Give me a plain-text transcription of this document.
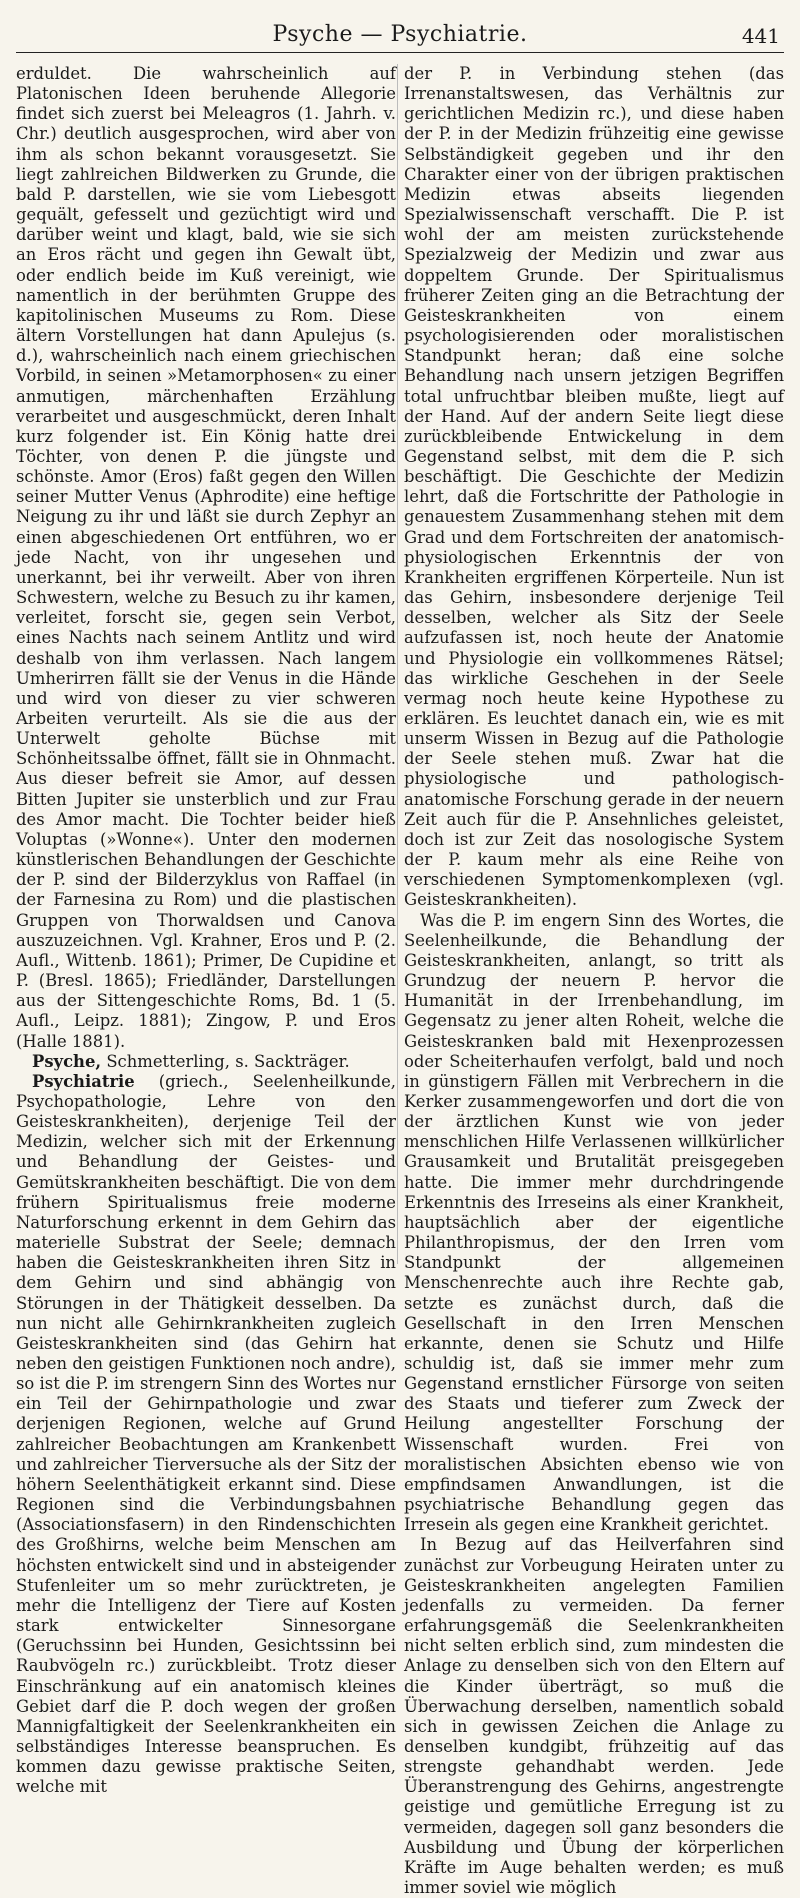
Psyche — Psychiatrie.	441

erduldet. Die wahrscheinlich auf Platonischen Ideen beruhende Allegorie findet sich zuerst bei Meleagros (1. Jahrh. v. Chr.) deutlich ausgesprochen, wird aber von ihm als schon bekannt vorausgesetzt. Sie liegt zahlreichen Bildwerken zu Grunde, die bald P. darstellen, wie sie vom Liebesgott gequält, gefesselt und gezüchtigt wird und darüber weint und klagt, bald, wie sie sich an Eros rächt und gegen ihn Gewalt übt, oder endlich beide im Kuß vereinigt, wie namentlich in der berühmten Gruppe des kapitolinischen Museums zu Rom. Diese ältern Vorstellungen hat dann Apulejus (s. d.), wahrscheinlich nach einem griechischen Vorbild, in seinen »Metamorphosen« zu einer anmutigen, märchenhaften Erzählung verarbeitet und ausgeschmückt, deren Inhalt kurz folgender ist. Ein König hatte drei Töchter, von denen P. die jüngste und schönste. Amor (Eros) faßt gegen den Willen seiner Mutter Venus (Aphrodite) eine heftige Neigung zu ihr und läßt sie durch Zephyr an einen abgeschiedenen Ort entführen, wo er jede Nacht, von ihr ungesehen und unerkannt, bei ihr verweilt. Aber von ihren Schwestern, welche zu Besuch zu ihr kamen, verleitet, forscht sie, gegen sein Verbot, eines Nachts nach seinem Antlitz und wird deshalb von ihm verlassen. Nach langem Umherirren fällt sie der Venus in die Hände und wird von dieser zu vier schweren Arbeiten verurteilt. Als sie die aus der Unterwelt geholte Büchse mit Schönheitssalbe öffnet, fällt sie in Ohnmacht. Aus dieser befreit sie Amor, auf dessen Bitten Jupiter sie unsterblich und zur Frau des Amor macht. Die Tochter beider hieß Voluptas (»Wonne«). Unter den modernen künstlerischen Behandlungen der Geschichte der P. sind der Bilderzyklus von Raffael (in der Farnesina zu Rom) und die plastischen Gruppen von Thorwaldsen und Canova auszuzeichnen. Vgl. Krahner, Eros und P. (2. Aufl., Wittenb. 1861); Primer, De Cupidine et P. (Bresl. 1865); Friedländer, Darstellungen aus der Sittengeschichte Roms, Bd. 1 (5. Aufl., Leipz. 1881); Zingow, P. und Eros (Halle 1881).

Psyche, Schmetterling, s. Sackträger.

Psychiatrie (griech., Seelenheilkunde, Psychopathologie, Lehre von den Geisteskrankheiten), derjenige Teil der Medizin, welcher sich mit der Erkennung und Behandlung der Geistes- und Gemütskrankheiten beschäftigt. Die von dem frühern Spiritualismus freie moderne Naturforschung erkennt in dem Gehirn das materielle Substrat der Seele; demnach haben die Geisteskrankheiten ihren Sitz in dem Gehirn und sind abhängig von Störungen in der Thätigkeit desselben. Da nun nicht alle Gehirnkrankheiten zugleich Geisteskrankheiten sind (das Gehirn hat neben den geistigen Funktionen noch andre), so ist die P. im strengern Sinn des Wortes nur ein Teil der Gehirnpathologie und zwar derjenigen Regionen, welche auf Grund zahlreicher Beobachtungen am Krankenbett und zahlreicher Tierversuche als der Sitz der höhern Seelenthätigkeit erkannt sind. Diese Regionen sind die Verbindungsbahnen (Associationsfasern) in den Rindenschichten des Großhirns, welche beim Menschen am höchsten entwickelt sind und in absteigender Stufenleiter um so mehr zurücktreten, je mehr die Intelligenz der Tiere auf Kosten stark entwickelter Sinnesorgane (Geruchssinn bei Hunden, Gesichtssinn bei Raubvögeln rc.) zurückbleibt. Trotz dieser Einschränkung auf ein anatomisch kleines Gebiet darf die P. doch wegen der großen Mannigfaltigkeit der Seelenkrankheiten ein selbständiges Interesse beanspruchen. Es kommen dazu gewisse praktische Seiten, welche mit

der P. in Verbindung stehen (das Irrenanstaltswesen, das Verhältnis zur gerichtlichen Medizin rc.), und diese haben der P. in der Medizin frühzeitig eine gewisse Selbständigkeit gegeben und ihr den Charakter einer von der übrigen praktischen Medizin etwas abseits liegenden Spezialwissenschaft verschafft. Die P. ist wohl der am meisten zurückstehende Spezialzweig der Medizin und zwar aus doppeltem Grunde. Der Spiritualismus früherer Zeiten ging an die Betrachtung der Geisteskrankheiten von einem psychologisierenden oder moralistischen Standpunkt heran; daß eine solche Behandlung nach unsern jetzigen Begriffen total unfruchtbar bleiben mußte, liegt auf der Hand. Auf der andern Seite liegt diese zurückbleibende Entwickelung in dem Gegenstand selbst, mit dem die P. sich beschäftigt. Die Geschichte der Medizin lehrt, daß die Fortschritte der Pathologie in genauestem Zusammenhang stehen mit dem Grad und dem Fortschreiten der anatomisch-physiologischen Erkenntnis der von Krankheiten ergriffenen Körperteile. Nun ist das Gehirn, insbesondere derjenige Teil desselben, welcher als Sitz der Seele aufzufassen ist, noch heute der Anatomie und Physiologie ein vollkommenes Rätsel; das wirkliche Geschehen in der Seele vermag noch heute keine Hypothese zu erklären. Es leuchtet danach ein, wie es mit unserm Wissen in Bezug auf die Pathologie der Seele stehen muß. Zwar hat die physiologische und pathologisch-anatomische Forschung gerade in der neuern Zeit auch für die P. Ansehnliches geleistet, doch ist zur Zeit das nosologische System der P. kaum mehr als eine Reihe von verschiedenen Symptomenkomplexen (vgl. Geisteskrankheiten).

Was die P. im engern Sinn des Wortes, die Seelenheilkunde, die Behandlung der Geisteskrankheiten, anlangt, so tritt als Grundzug der neuern P. hervor die Humanität in der Irrenbehandlung, im Gegensatz zu jener alten Roheit, welche die Geisteskranken bald mit Hexenprozessen oder Scheiterhaufen verfolgt, bald und noch in günstigern Fällen mit Verbrechern in die Kerker zusammengeworfen und dort die von der ärztlichen Kunst wie von jeder menschlichen Hilfe Verlassenen willkürlicher Grausamkeit und Brutalität preisgegeben hatte. Die immer mehr durchdringende Erkenntnis des Irreseins als einer Krankheit, hauptsächlich aber der eigentliche Philanthropismus, der den Irren vom Standpunkt der allgemeinen Menschenrechte auch ihre Rechte gab, setzte es zunächst durch, daß die Gesellschaft in den Irren Menschen erkannte, denen sie Schutz und Hilfe schuldig ist, daß sie immer mehr zum Gegenstand ernstlicher Fürsorge von seiten des Staats und tieferer zum Zweck der Heilung angestellter Forschung der Wissenschaft wurden. Frei von moralistischen Absichten ebenso wie von empfindsamen Anwandlungen, ist die psychiatrische Behandlung gegen das Irresein als gegen eine Krankheit gerichtet.

In Bezug auf das Heilverfahren sind zunächst zur Vorbeugung Heiraten unter zu Geisteskrankheiten angelegten Familien jedenfalls zu vermeiden. Da ferner erfahrungsgemäß die Seelenkrankheiten nicht selten erblich sind, zum mindesten die Anlage zu denselben sich von den Eltern auf die Kinder überträgt, so muß die Überwachung derselben, namentlich sobald sich in gewissen Zeichen die Anlage zu denselben kundgibt, frühzeitig auf das strengste gehandhabt werden. Jede Überanstrengung des Gehirns, angestrengte geistige und gemütliche Erregung ist zu vermeiden, dagegen soll ganz besonders die Ausbildung und Übung der körperlichen Kräfte im Auge behalten werden; es muß immer soviel wie möglich
